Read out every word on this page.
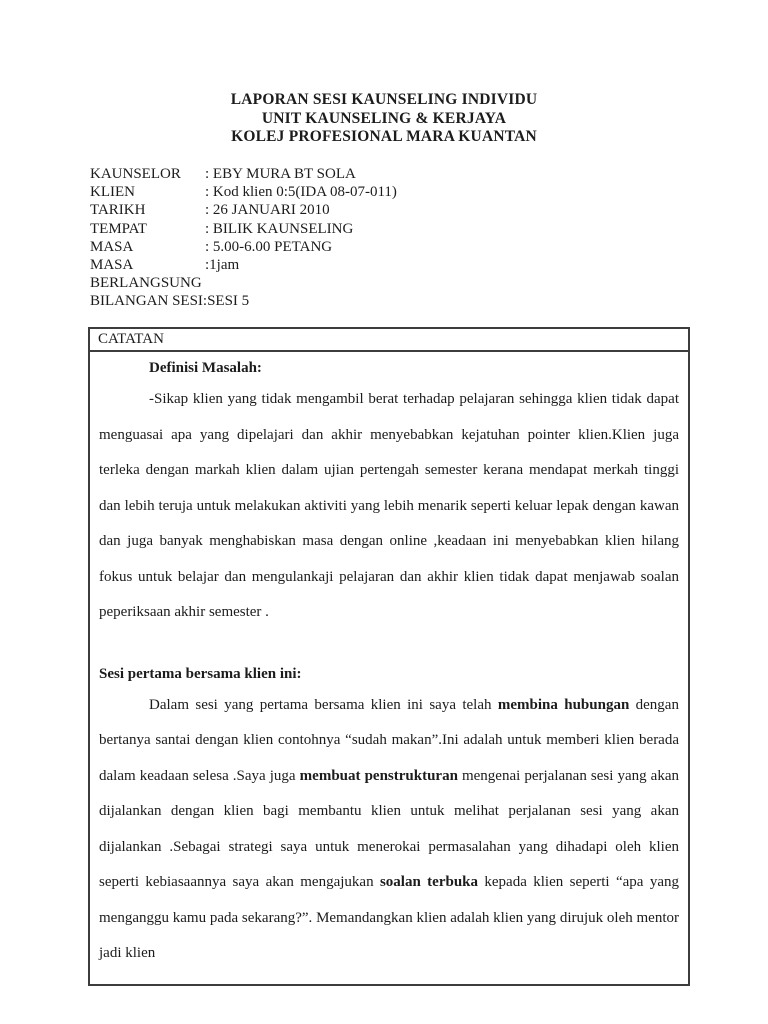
LAPORAN SESI KAUNSELING INDIVIDU
UNIT KAUNSELING & KERJAYA
KOLEJ PROFESIONAL MARA KUANTAN
KAUNSELOR	: EBY MURA BT SOLA
KLIEN	: Kod klien 0:5(IDA 08-07-011)
TARIKH	: 26 JANUARI 2010
TEMPAT	: BILIK KAUNSELING
MASA	: 5.00-6.00 PETANG
MASA BERLANGSUNG
:1jam
BILANGAN SESI:SESI 5
CATATAN
Definisi Masalah:

-Sikap klien yang tidak mengambil berat terhadap pelajaran sehingga klien tidak dapat menguasai apa yang dipelajari dan akhir menyebabkan kejatuhan pointer klien.Klien juga terleka dengan markah klien dalam ujian pertengah semester kerana mendapat merkah tinggi dan lebih teruja untuk melakukan aktiviti yang lebih menarik seperti keluar lepak dengan kawan dan juga banyak menghabiskan masa dengan online ,keadaan ini menyebabkan klien hilang fokus untuk belajar dan mengulankaji pelajaran dan akhir klien tidak dapat menjawab soalan peperiksaan akhir semester .

Sesi pertama bersama klien ini:

Dalam sesi yang pertama bersama klien ini saya telah membina hubungan dengan bertanya santai dengan klien contohnya “sudah makan”.Ini adalah untuk memberi klien berada dalam keadaan selesa .Saya juga membuat penstrukturan mengenai perjalanan sesi yang akan dijalankan dengan klien bagi membantu klien untuk melihat perjalanan sesi yang akan dijalankan .Sebagai strategi saya untuk menerokai permasalahan yang dihadapi oleh klien seperti kebiasaannya saya akan mengajukan soalan terbuka kepada klien seperti “apa yang menganggu kamu pada sekarang?”. Memandangkan klien adalah klien yang dirujuk oleh mentor jadi klien
